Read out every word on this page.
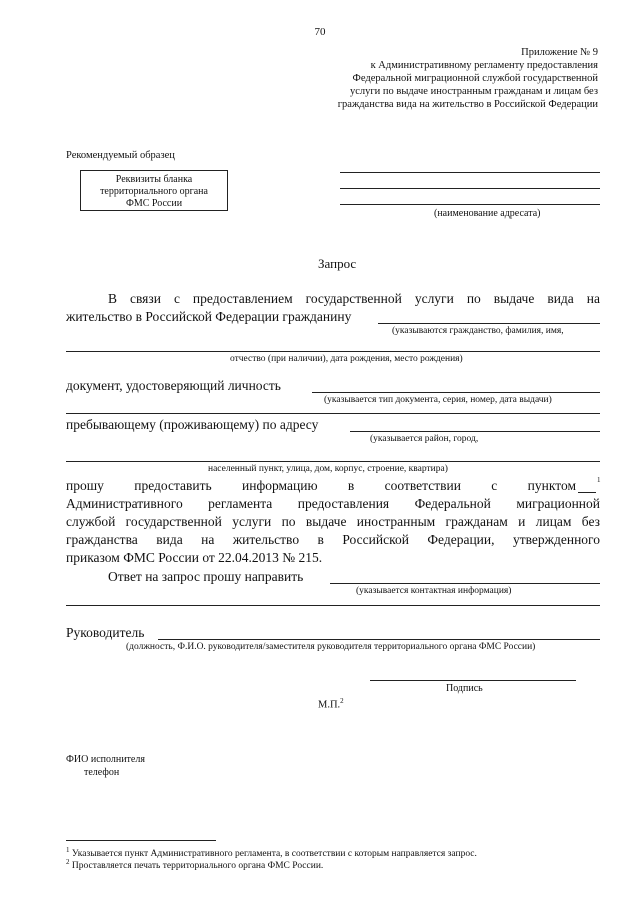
70
Приложение № 9
к Административному регламенту предоставления
Федеральной миграционной службой государственной
услуги по выдаче иностранным гражданам и лицам без
гражданства вида на жительство в Российской Федерации
Рекомендуемый образец
Реквизиты бланка
территориального органа
ФМС России
(наименование адресата)
Запрос
В связи с предоставлением государственной услуги по выдаче вида на
жительство в Российской Федерации гражданину
(указываются гражданство, фамилия, имя,
отчество (при наличии), дата рождения, место рождения)
документ, удостоверяющий личность
(указывается тип документа, серия, номер, дата выдачи)
пребывающему (проживающему) по адресу
(указывается район, город,
населенный пункт, улица, дом, корпус, строение, квартира)
прошу предоставить информацию в соответствии с пунктом	1
Административного регламента предоставления Федеральной миграционной
службой государственной услуги по выдаче иностранным гражданам и лицам без
гражданства вида на жительство в Российской Федерации, утвержденного
приказом ФМС России от 22.04.2013 № 215.
Ответ на запрос прошу направить
(указывается контактная информация)
Руководитель
(должность, Ф.И.О. руководителя/заместителя руководителя территориального органа ФМС России)
Подпись
М.П.$^2$
ФИО исполнителя
телефон
$^1$ Указывается пункт Административного регламента, в соответствии с которым направляется запрос.
$^2$ Проставляется печать территориального органа ФМС России.
